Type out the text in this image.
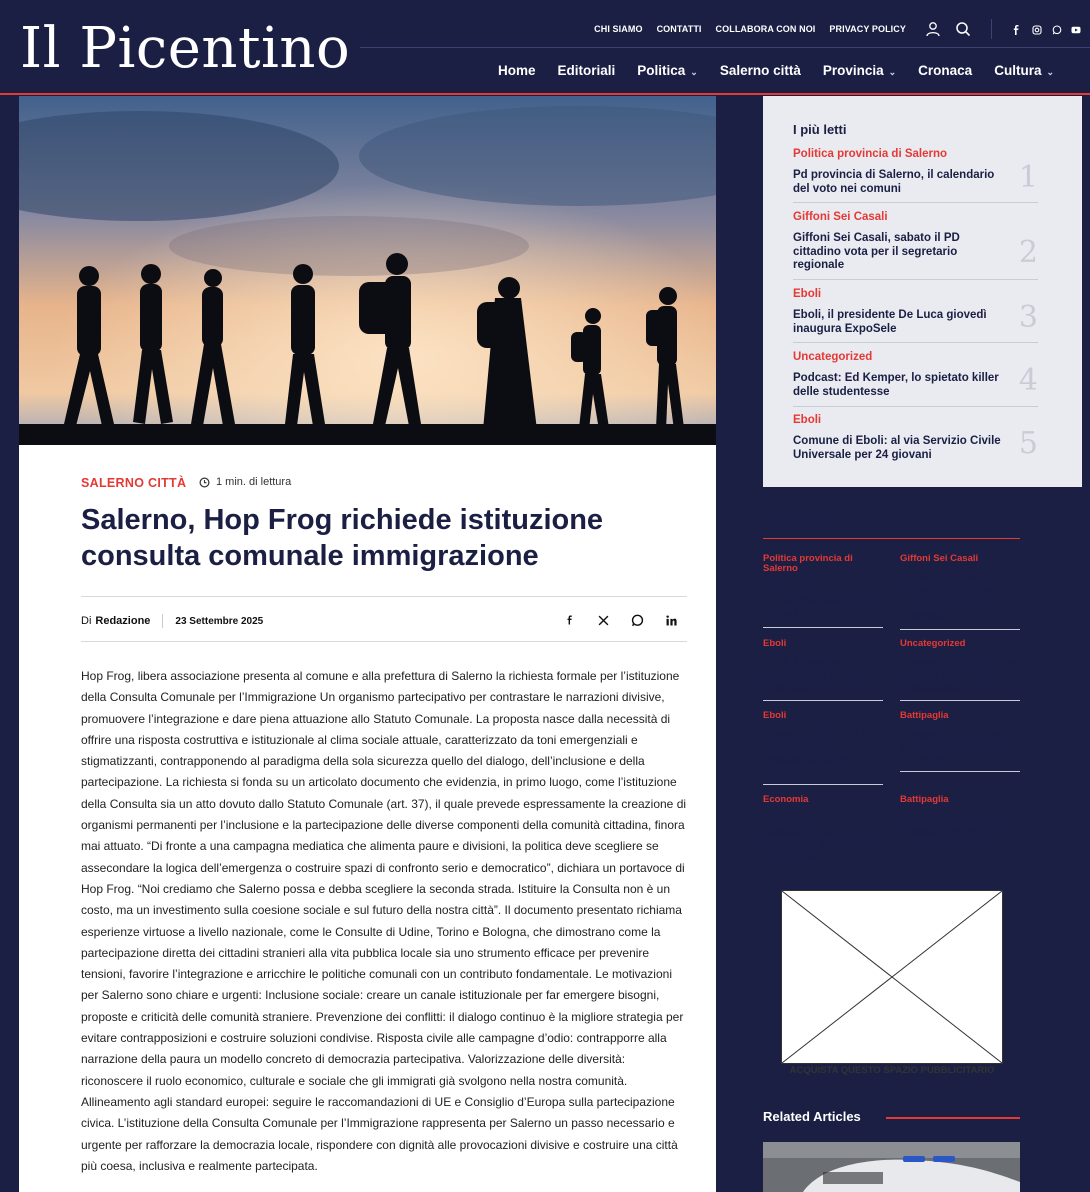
Il Picentino	CHI SIAMO CONTATTI COLLABORA CON NOI PRIVACY POLICY
Home Editoriali Politica ⌄ Salerno città Provincia ⌄ Cronaca Cultura ⌄
SALERNO CITTÀ	1 min. di lettura
Salerno, Hop Frog richiede istituzione consulta comunale immigrazione
Di Redazione	23 Settembre 2025
Hop Frog, libera associazione presenta al comune e alla prefettura di Salerno la richiesta formale per l’istituzione della Consulta Comunale per l’Immigrazione Un organismo partecipativo per contrastare le narrazioni divisive, promuovere l’integrazione e dare piena attuazione allo Statuto Comunale. La proposta nasce dalla necessità di offrire una risposta costruttiva e istituzionale al clima sociale attuale, caratterizzato da toni emergenziali e stigmatizzanti, contrapponendo al paradigma della sola sicurezza quello del dialogo, dell’inclusione e della partecipazione. La richiesta si fonda su un articolato documento che evidenzia, in primo luogo, come l’istituzione della Consulta sia un atto dovuto dallo Statuto Comunale (art. 37), il quale prevede espressamente la creazione di organismi permanenti per l’inclusione e la partecipazione delle diverse componenti della comunità cittadina, finora mai attuato. “Di fronte a una campagna mediatica che alimenta paure e divisioni, la politica deve scegliere se assecondare la logica dell’emergenza o costruire spazi di confronto serio e democratico”, dichiara un portavoce di Hop Frog. “Noi crediamo che Salerno possa e debba scegliere la seconda strada. Istituire la Consulta non è un costo, ma un investimento sulla coesione sociale e sul futuro della nostra città”. Il documento presentato richiama esperienze virtuose a livello nazionale, come le Consulte di Udine, Torino e Bologna, che dimostrano come la partecipazione diretta dei cittadini stranieri alla vita pubblica locale sia uno strumento efficace per prevenire tensioni, favorire l’integrazione e arricchire le politiche comunali con un contributo fondamentale. Le motivazioni per Salerno sono chiare e urgenti: Inclusione sociale: creare un canale istituzionale per far emergere bisogni, proposte e criticità delle comunità straniere. Prevenzione dei conflitti: il dialogo continuo è la migliore strategia per evitare contrapposizioni e costruire soluzioni condivise. Risposta civile alle campagne d’odio: contrapporre alla narrazione della paura un modello concreto di democrazia partecipativa. Valorizzazione delle diversità: riconoscere il ruolo economico, culturale e sociale che gli immigrati già svolgono nella nostra comunità. Allineamento agli standard europei: seguire le raccomandazioni di UE e Consiglio d’Europa sulla partecipazione civica. L’istituzione della Consulta Comunale per l’Immigrazione rappresenta per Salerno un passo necessario e urgente per rafforzare la democrazia locale, rispondere con dignità alle provocazioni divisive e costruire una città più coesa, inclusiva e realmente partecipata.
I più letti
Politica provincia di Salerno
Pd provincia di Salerno, il calendario del voto nei comuni	1
Giffoni Sei Casali
Giffoni Sei Casali, sabato il PD cittadino vota per il segretario regionale	2
Eboli
Eboli, il presidente De Luca giovedì inaugura ExpoSele	3
Uncategorized
Podcast: Ed Kemper, lo spietato killer delle studentesse	4
Eboli
Comune di Eboli: al via Servizio Civile Universale per 24 giovani	5
Argomenti
Politica provincia di Salerno
Pd provincia di Salerno, il calendario del voto nei comuni
Giffoni Sei Casali
Giffoni Sei Casali, sabato il PD cittadino vota per il segretario regionale
Eboli
Eboli, il presidente De Luca giovedì inaugura ExpoSele
Uncategorized
Podcast: Ed Kemper, lo spietato killer delle studentesse
Eboli
Comune di Eboli: al via Servizio Civile Universale per 24 giovani
Battipaglia
Battipaglia, la polizia locale ferma straniero con droga
Economia
Passaggio generazionale: solo 3 imprese su 10 resistono al ricambio
Battipaglia
Battipaglia, in consiglio comunale anche il Forum dei Giovani
ACQUISTA QUESTO SPAZIO PUBBLICITARIO
Related Articles
